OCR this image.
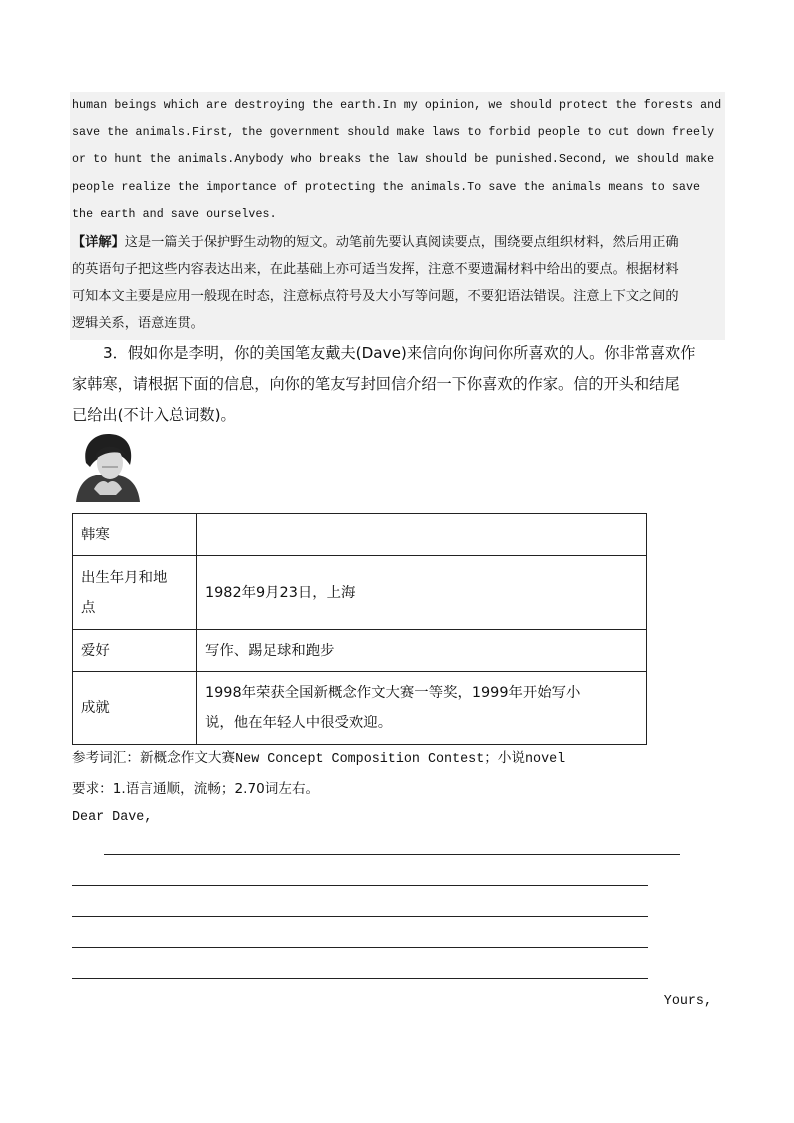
human beings which are destroying the earth.In my opinion, we should protect the forests and
save the animals.First, the government should make laws to forbid people to cut down freely
or to hunt the animals.Anybody who breaks the law should be punished.Second, we should make
people realize the importance of protecting the animals.To save the animals means to save
the earth and save ourselves.
【详解】这是一篇关于保护野生动物的短文。动笔前先要认真阅读要点，围绕要点组织材料，然后用正确
的英语句子把这些内容表达出来，在此基础上亦可适当发挥，注意不要遗漏材料中给出的要点。根据材料
可知本文主要是应用一般现在时态，注意标点符号及大小写等问题，不要犯语法错误。注意上下文之间的
逻辑关系，语意连贯。
3．假如你是李明，你的美国笔友戴夫(Dave)来信向你询问你所喜欢的人。你非常喜欢作
家韩寒，请根据下面的信息，向你的笔友写封回信介绍一下你喜欢的作家。信的开头和结尾
已给出(不计入总词数)。
韩寒	

出生年月和地
点	1982年9月23日，上海

爱好	写作、踢足球和跑步

成就	1998年荣获全国新概念作文大赛一等奖，1999年开始写小
说，他在年轻人中很受欢迎。
参考词汇：新概念作文大赛New Concept Composition Contest；小说novel
要求：1.语言通顺，流畅；2.70词左右。
Dear Dave,
Yours,
